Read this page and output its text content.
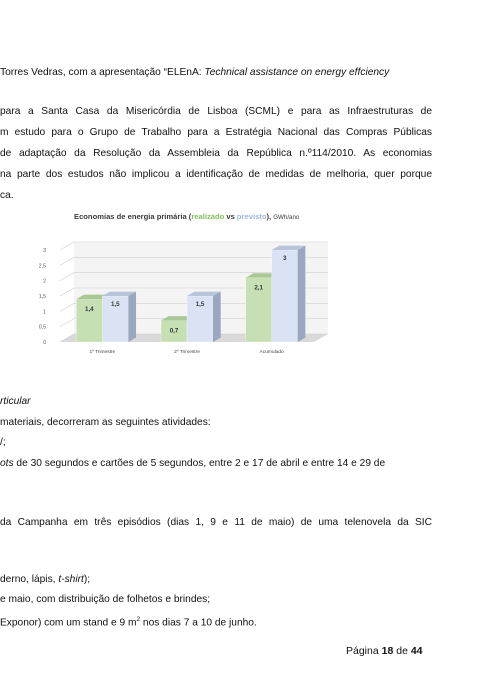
Torres Vedras, com a apresentação “ELEnA: Technical assistance on energy effciency
para a Santa Casa da Misericórdia de Lisboa (SCML) e para as Infraestruturas de
m estudo para o Grupo de Trabalho para a Estratégia Nacional das Compras Públicas
de adaptação da Resolução da Assembleia da República n.º114/2010. As economias
na parte dos estudos não implicou a identificação de medidas de melhoria, quer porque
ca.
Economias de energia primária (realizado vs previsto), GWh/ano
0
0,5
1
1,5
2
2,5
3
1,4
1,5
1º Trimestre
0,7
1,5
2º Trimestre
2,1
3
Acumulado
rticular
materiais, decorreram as seguintes atividades:
/;
ots de 30 segundos e cartões de 5 segundos, entre 2 e 17 de abril e entre 14 e 29 de
da Campanha em três episódios (dias 1, 9 e 11 de maio) de uma telenovela da SIC
derno, lápis, t-shirt);
e maio, com distribuição de folhetos e brindes;
Exponor) com um stand e 9 $m^2$ nos dias 7 a 10 de junho.
Página 18 de 44
